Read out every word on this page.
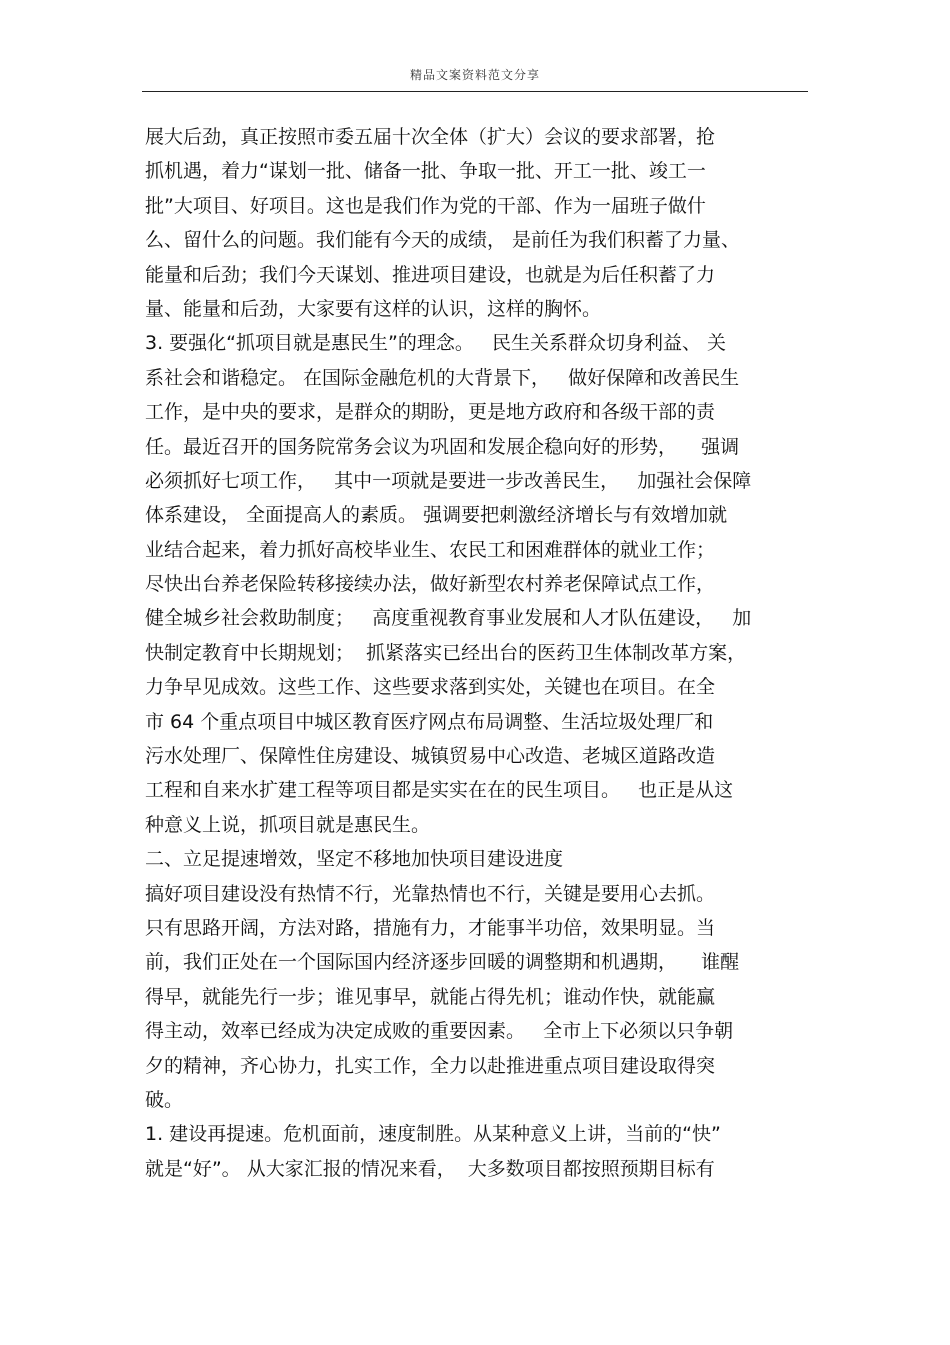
精品文案资料范文分享
展大后劲，真正按照市委五届十次全体（扩大）会议的要求部署，抢
抓机遇，着力“谋划一批、储备一批、争取一批、开工一批、竣工一
批”大项目、好项目。这也是我们作为党的干部、作为一届班子做什
么、留什么的问题。我们能有今天的成绩， 是前任为我们积蓄了力量、
能量和后劲；我们今天谋划、推进项目建设，也就是为后任积蓄了力
量、能量和后劲，大家要有这样的认识，这样的胸怀。
3. 要强化“抓项目就是惠民生”的理念。   民生关系群众切身利益、 关
系社会和谐稳定。 在国际金融危机的大背景下，   做好保障和改善民生
工作，是中央的要求，是群众的期盼，更是地方政府和各级干部的责
任。最近召开的国务院常务会议为巩固和发展企稳向好的形势，    强调
必须抓好七项工作，   其中一项就是要进一步改善民生，   加强社会保障
体系建设， 全面提高人的素质。 强调要把刺激经济增长与有效增加就
业结合起来，着力抓好高校毕业生、农民工和困难群体的就业工作；
尽快出台养老保险转移接续办法，做好新型农村养老保障试点工作，
健全城乡社会救助制度；   高度重视教育事业发展和人才队伍建设，   加
快制定教育中长期规划；  抓紧落实已经出台的医药卫生体制改革方案，
力争早见成效。这些工作、这些要求落到实处，关键也在项目。在全
市 64 个重点项目中城区教育医疗网点布局调整、生活垃圾处理厂和
污水处理厂、保障性住房建设、城镇贸易中心改造、老城区道路改造
工程和自来水扩建工程等项目都是实实在在的民生项目。   也正是从这
种意义上说，抓项目就是惠民生。
二、立足提速增效，坚定不移地加快项目建设进度
搞好项目建设没有热情不行，光靠热情也不行，关键是要用心去抓。
只有思路开阔，方法对路，措施有力，才能事半功倍，效果明显。当
前，我们正处在一个国际国内经济逐步回暖的调整期和机遇期，    谁醒
得早，就能先行一步；谁见事早，就能占得先机；谁动作快，就能赢
得主动，效率已经成为决定成败的重要因素。   全市上下必须以只争朝
夕的精神，齐心协力，扎实工作，全力以赴推进重点项目建设取得突
破。
1. 建设再提速。危机面前，速度制胜。从某种意义上讲，当前的“快”
就是“好”。 从大家汇报的情况来看，  大多数项目都按照预期目标有
